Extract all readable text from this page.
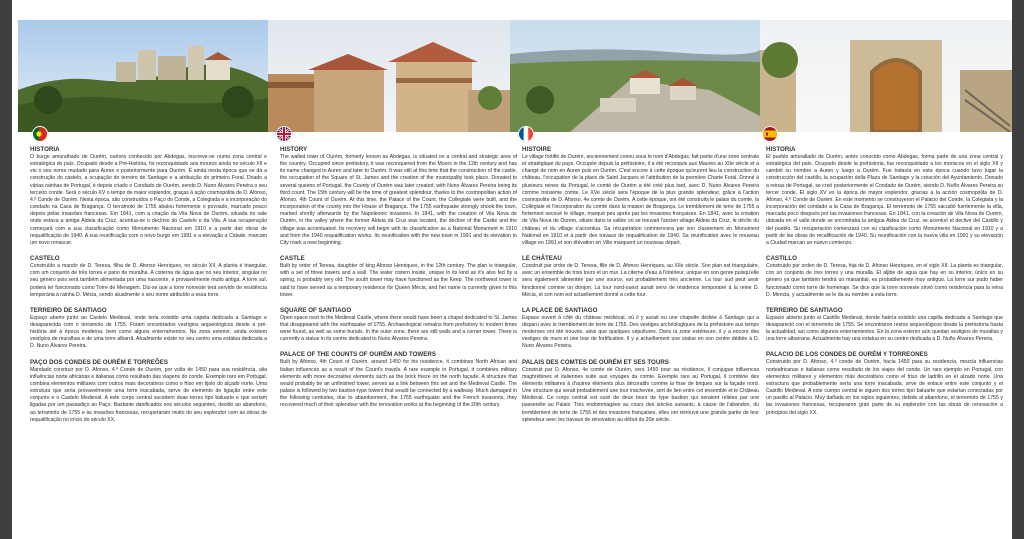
HISTÓRIA

O burgo amuralhado de Ourém, outrora conhecido por Abdegas, inscreve-se numa zona central e estratégica do país. Ocupado desde a Pré-História, foi reconquistado aos mouros ainda no século XII e viu o seu nome mudado para Auren e posteriormente para Ourém. É ainda nesta época que se dá a construção do castelo, a ocupação do terreiro de Santiago e a atribuição do primeiro Foral. Doado a várias rainhas de Portugal, é depois criado o Condado de Ourém, sendo D. Nuno Álvares Pereira o seu terceiro conde. Será o século XV o tempo de maior esplendor, graças à ação cosmopolita de D. Afonso, 4.º Conde de Ourém. Nesta época, são construídos o Paço do Conde, a Colegiada e a incorporação do condado na Casa de Bragança. O terramoto de 1755 abalou fortemente o povoado, marcado pouco depois pelas invasões francesas. Em 1841, com a criação da Vila Nova de Ourém, situada no vale onde estava a antiga Aldeia da Cruz, acentua-se o declínio do Castelo e da Vila. A sua recuperação começará com a sua classificação como Monumento Nacional em 1910 e a partir das obras de requalificação de 1940. A sua reunificação com o novo burgo em 1991 e a elevação a Cidade, marcam um novo renascer.

CASTELO

Construído a mando de D. Teresa, filha de D. Afonso Henriques, no século XII. A planta é triangular, com um conjunto de três torres e pano de muralha. A cisterna de água que no seu interior, singular no seu género pois será também alimentada por uma nascente, é provavelmente muito antiga. A torre sul, poderá ter funcionado como Torre de Menagem. Diz-se que a torre noroeste terá servido de residência temporária à rainha D. Mécia, sendo atualmente o seu nome atribuído a essa torre.

TERREIRO DE SANTIAGO

Espaço aberto junto ao Castelo Medieval, onde teria existido uma capela dedicada a Santiago e desaparecida com o terramoto de 1755. Foram encontrados vestígios arqueológicos desde a pré-história até à época moderna, bem como alguns enterramentos. Na zona exterior, ainda existem vestígios de muralhas e de uma torre albarrã. Atualmente existe no seu centro uma estátua dedicada a D. Nuno Álvares Pereira.

PAÇO DOS CONDES DE OURÉM E TORREÕES

Mandado construir por D. Afonso, 4.º Conde de Ourém, por volta de 1450 para sua residência, alia influências norte africanas e italianas como resultado das viagens do conde. Exemplo raro em Portugal, combina elementos militares com outros mais decorativos como o friso em tijolo do alçado norte. Uma estrutura que seria provavelmente uma torre inacabada, serve de elemento de ligação entre este conjunto e o Castelo Medieval. A este corpo central sucedem duas torres tipo baluarte e que seriam ligadas por um passadiço ao Paço. Bastante danificados nos séculos seguintes, devido ao abandono, ao terramoto de 1755 e às invasões francesas, recuperaram muito do seu esplendor com as obras de requalificação no início do século XX.

HISTORY

The walled town of Ourém, formerly known as Abdegas, is situated on a central and strategic area of the country. Occupied since prehistory, it was reconquered from the Moors in the 12th century and has its name changed to Auren and later to Ourém. It was still at this time that the construction of the castle, the occupation of the Square of St. James and the creation of the municipality took place. Donated to several queens of Portugal, the County of Ourém was later created, with Nuno Álvares Pereira being its third count. The 15th century will be the time of greatest splendour, thanks to the cosmopolitan action of Afonso, 4th Count of Ourém. At this time, the Palace of the Count, the Collegiate were built, and the incorporation of the county into the House of Bragança. The 1755 earthquake strongly shook the town, marked shortly afterwards by the Napoleonic invasions. In 1841, with the creation of Vila Nova de Ourém, in the valley where the former Aldeia da Cruz was located, the decline of the Castle and the village was accentuated. Its recovery will begin with its classification as a National Monument in 1910 and from the 1940 requalification works. Its reunification with the new town in 1991 and its elevation to City mark a new beginning.

CASTLE

Built by order of Teresa, daughter of king Afonso Henriques, in the 12th century. The plan is triangular, with a set of three towers and a wall. The water cistern inside, unique in its kind as it's also fed by a spring, is probably very old. The south tower may have functioned as the Keep. The northwest tower is said to have served as a temporary residence for Queen Mécia, and her name is currently given to this tower.

SQUARE OF SANTIAGO

Open space next to the Medieval Castle, where there would have been a chapel dedicated to St. James that disappeared with the earthquake of 1755. Archaeological remains from prehistory to modern times were found, as well as some burials. In the outer zone, there are still walls and a corner tower. There is currently a statue in its centre dedicated to Nuno Álvares Pereira.

PALACE OF THE COUNTS OF OURÉM AND TOWERS

Built by Afonso, 4th Count of Ourém, around 1450 for his residence, it combines North African and Italian influences as a result of the Count's travels. A rare example in Portugal, it combines military elements with more decorative elements such as the brick frieze on the north façade. A structure that would probably be an unfinished tower, serves as a link between this set and the Medieval Castle. The palace is followed by two bastion-type towers that would be connected by a walkway. Much damaged in the following centuries, due to abandonment, the 1755 earthquake and the French invasions, they recovered much of their splendour with the renovation works at the beginning of the 20th century.

HISTOIRE

Le village fortifié de Ourém, anciennement connu sous le nom d'Abdegas, fait partie d'une zone centrale et stratégique du pays. Occupée depuis la préhistoire, il a été reconquis aux Maures au XIIe siècle et a changé de nom en Auren puis en Ourém. C'est encore à cette époque qu'eurent lieu la construction du château, l'occupation de la place de Saint Jacques et l'attribution de la première Charte Foral. Donné à plusieurs reines du Portugal, le comté de Ourém a été créé plus tard, avec D. Nuno Álvares Pereira comme troisième comte. Le XVe siècle sera l'époque de la plus grande splendeur, grâce à l'action cosmopolite de D. Afonso, 4e comte de Ourém. A cette époque, ont été construits le palais du comte, la Collégiale et l'incorporation du comté dans la maison de Bragança. Le tremblement de terre de 1755 a fortement secoué le village, marqué peu après par les invasions françaises. En 1841, avec la création de Vila Nova de Ourém, située dans la vallée où se trouvait l'ancien village Aldeia da Cruz, le déclin du château et du village s'accentua. Sa récupération commencera par son classement en Monument National en 1910 et à partir des travaux de requalification de 1940. Sa réunification avec le nouveau village en 1991 et son élévation en Ville marquent un nouveau départ.

LE CHÂTEAU

Construit par ordre de D. Teresa, fille de D. Afonso Henriques, au XIIe siècle. Son plan est triangulaire, avec un ensemble de trois tours et un mur. La citerne d'eau à l'intérieur, unique en son genre puisqu'elle sera également alimentée par une source, est probablement très ancienne. La tour sud peut avoir fonctionné comme un donjon. La tour nord-ouest aurait servi de résidence temporaire à la reine D. Mécia, et son nom est actuellement donné à cette tour.

LA PLACE DE SANTIAGO

Espace ouvert à côté du château médiéval, où il y aurait eu une chapelle dédiée à Santiago qui a disparu avec le tremblement de terre de 1755. Des vestiges archéologiques de la préhistoire aux temps modernes ont été trouvés, ainsi que quelques sépultures. Dans la zone extérieure, il y a encore des vestiges de murs et une tour de fortification. Il y a actuellement une statue en son centre dédiée à D. Nuno Álvares Pereira.

PALAIS DES COMTES DE OURÉM ET SES TOURS

Construit par D. Afonso, 4e comte de Ourém, vers 1450 pour sa résidence, il conjugue influences maghrébines et italiennes suite aux voyages du comte. Exemple rare au Portugal, il combine des éléments militaires à d'autres éléments plus décoratifs comme la frise de briques sur la façade nord. Une structure qui serait probablement une tour inachevée, sert de lien entre cet ensemble et le Château Médiéval. Ce corps central est suivi de deux tours de type bastion qui seraient reliées par une passerelle au Palais. Très endommagées au cours des siècles suivants, à cause de l'abandon, du tremblement de terre de 1755 et des invasions françaises, elles ont retrouvé une grande partie de leur splendeur avec les travaux de rénovation au début du 20e siècle.

HISTORIA

El pueblo amurallado de Ourém, antes conocido como Abdegas, forma parte de una zona central y estratégica del país. Ocupado desde la prehistoria, fue reconquistado a los moriscos en el siglo XII y cambió su nombre a Auren y luego a Ourém. Fue todavía en esta época cuando tuvo lugar la construcción del castillo, la ocupación della Plaza de Santiago y la creación del Ayuntamiento. Donado a reinas de Portugal, se creó posteriormente el Condado de Ourém, siendo D. Nuño Álvares Pereira su tercer conde. El siglo XV es la época de mayor esplendor, gracias a la acción cosmopolita de D. Afonso, 4.º Conde de Ourém. En este momento se construyeron el Palacio del Conde, la Colegiata y la incorporación del condado a la Casa de Bragança. El terremoto de 1755 sacudió fuertemente la villa, marcada poco después por las invasiones francesas. En 1841, con la creación de Vila Nova de Ourém, ubicada en el valle donde se encontraba la antigua Aldea da Cruz, se acentuó el declive del Castillo y del pueblo. Su recuperación comenzará con su clasificación como Monumento Nacional en 1910 y a partir de las obras de recalificación de 1940. Su reunificación con la nueva villa en 1991 y su elevación a Ciudad marcan un nuevo comienzo.

CASTILLO

Construido por orden de D. Teresa, hija de D. Afonso Henriques, en el siglo XII. La planta es triangular, con un conjunto de tres torres y una muralla. El aljibe de agua que hay en su interior, único en su género ya que también tendrá un manantial, es probablemente muy antiguo. La torre sur pudo haber funcionado como torre de homenaje. Se dice que la torre noroeste sirvió como residencia para la reina D. Mencia, y actualmente se le da su nombre a esta torre.

TERREIRO DE SANTIAGO

Espacio abierto junto al Castillo Medieval, donde habría existido una capilla dedicada a Santiago que desapareció con el terremoto de 1755. Se encontraron restos arqueológicos desde la prehistoria hasta la actualidad, así como algunos enterramientos. En la zona exterior aún quedan vestigios de murallas y una torre albarrana. Actualmente hay una estatua en su centro dedicada a D. Nuño Álvares Pereira.

PALACIO DE LOS CONDES DE OURÉM Y TORREONES

Construido por D. Afonso, 4.º conde de Ourém, hacia 1450 para su residencia, mezcla influencias norteafricanas e italianas como resultado de los viajes del conde. Un raro ejemplo en Portugal, con elementos militares y elementos más decorativos como el friso de ladrillo en el alzado norte. Una estructura que probablemente sería una torre inacabada, sirve de enlace entre este conjunto y el Castillo Medieval. A este cuerpo central le siguen dos torres tipo baluarte que estarían conectadas por un pasillo al Palacio. Muy dañada en los siglos siguientes, debido al abandono, el terremoto de 1755 y las invasiones francesas, recuperaron gran parte de su esplendor con las obras de renovación a principios del siglo XX.
